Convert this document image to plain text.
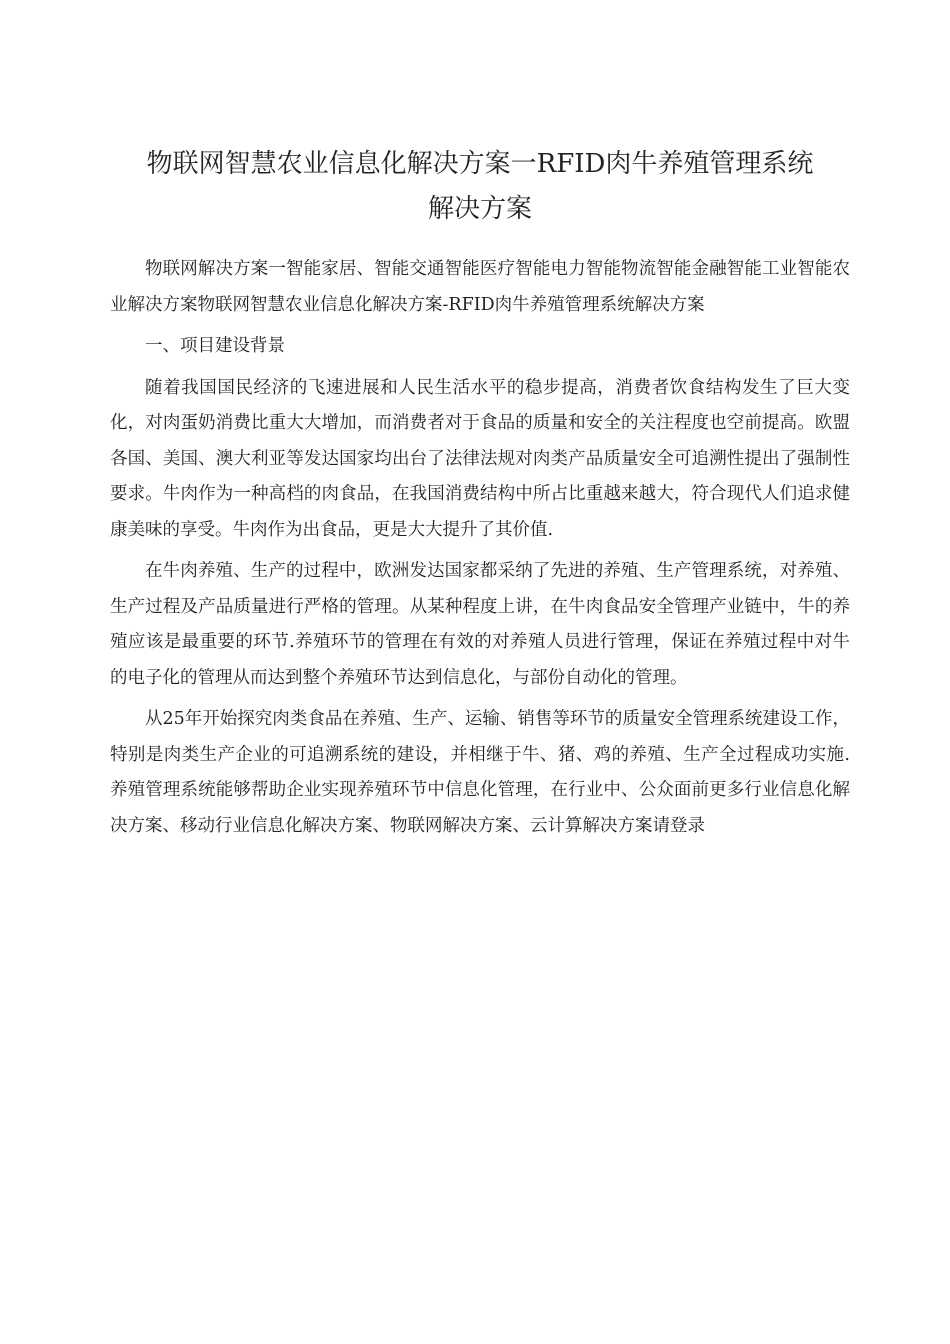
物联网智慧农业信息化解决方案一RFID肉牛养殖管理系统
解决方案

物联网解决方案一智能家居、智能交通智能医疗智能电力智能物流智能金融智能工业智能农业解决方案物联网智慧农业信息化解决方案-RFID肉牛养殖管理系统解决方案

一、项目建设背景

随着我国国民经济的飞速进展和人民生活水平的稳步提高，消费者饮食结构发生了巨大变化，对肉蛋奶消费比重大大增加，而消费者对于食品的质量和安全的关注程度也空前提高。欧盟各国、美国、澳大利亚等发达国家均出台了法律法规对肉类产品质量安全可追溯性提出了强制性要求。牛肉作为一种高档的肉食品，在我国消费结构中所占比重越来越大，符合现代人们追求健康美味的享受。牛肉作为出食品，更是大大提升了其价值.

在牛肉养殖、生产的过程中，欧洲发达国家都采纳了先进的养殖、生产管理系统，对养殖、生产过程及产品质量进行严格的管理。从某种程度上讲，在牛肉食品安全管理产业链中，牛的养殖应该是最重要的环节.养殖环节的管理在有效的对养殖人员进行管理，保证在养殖过程中对牛的电子化的管理从而达到整个养殖环节达到信息化，与部份自动化的管理。

从25年开始探究肉类食品在养殖、生产、运输、销售等环节的质量安全管理系统建设工作，特别是肉类生产企业的可追溯系统的建设，并相继于牛、猪、鸡的养殖、生产全过程成功实施.养殖管理系统能够帮助企业实现养殖环节中信息化管理，在行业中、公众面前更多行业信息化解决方案、移动行业信息化解决方案、物联网解决方案、云计算解决方案请登录
